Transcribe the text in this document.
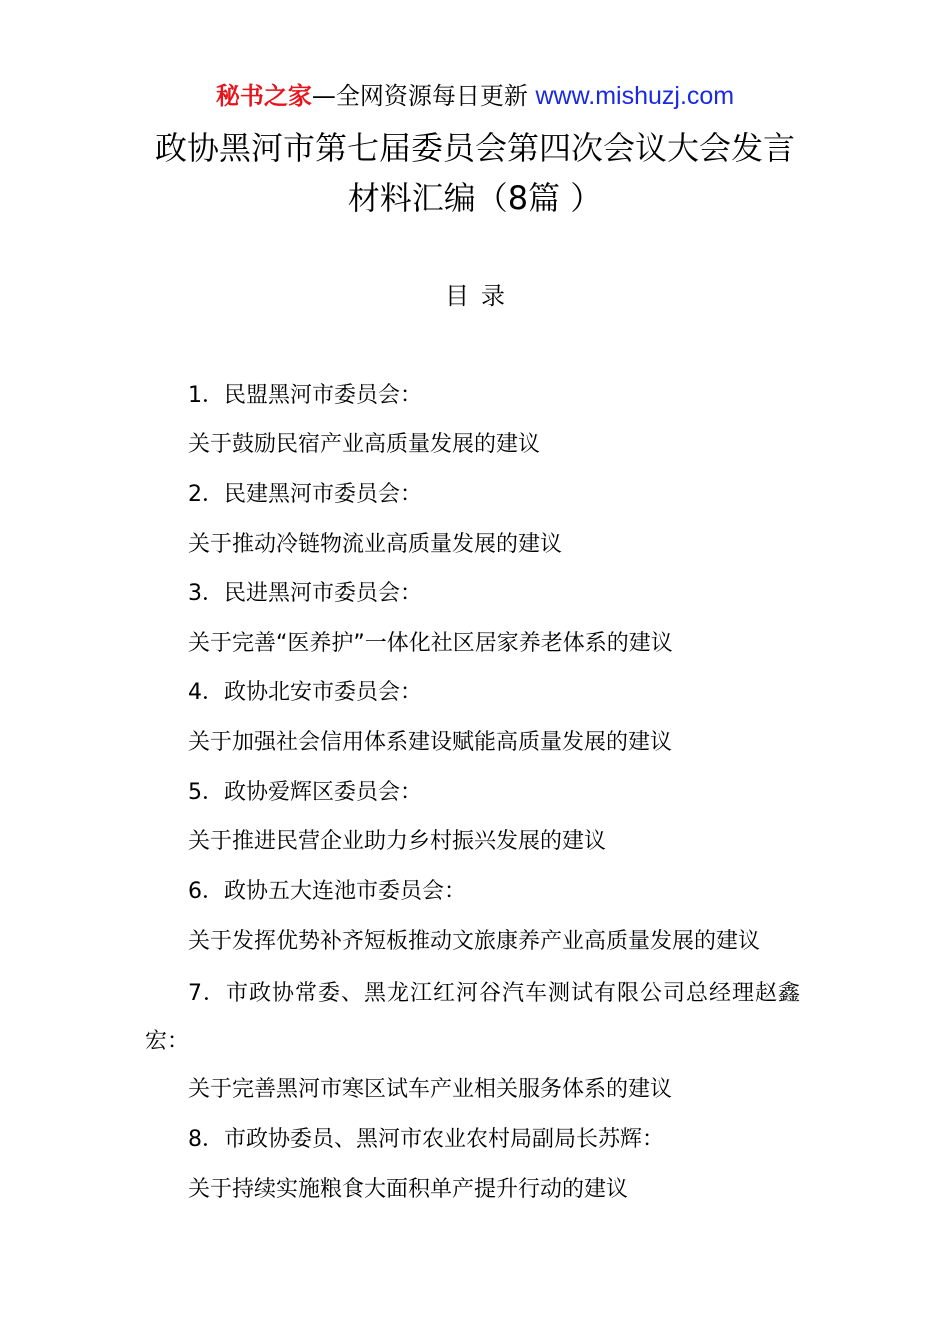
秘书之家—全网资源每日更新 www.mishuzj.com
政协黑河市第七届委员会第四次会议大会发言
材料汇编（8篇 ）
目录
1．民盟黑河市委员会：
关于鼓励民宿产业高质量发展的建议
2．民建黑河市委员会：
关于推动冷链物流业高质量发展的建议
3．民进黑河市委员会：
关于完善“医养护”一体化社区居家养老体系的建议
4．政协北安市委员会：
关于加强社会信用体系建设赋能高质量发展的建议
5．政协爱辉区委员会：
关于推进民营企业助力乡村振兴发展的建议
6．政协五大连池市委员会：
关于发挥优势补齐短板推动文旅康养产业高质量发展的建议
7．市政协常委、黑龙江红河谷汽车测试有限公司总经理赵鑫
宏：
关于完善黑河市寒区试车产业相关服务体系的建议
8．市政协委员、黑河市农业农村局副局长苏辉：
关于持续实施粮食大面积单产提升行动的建议
